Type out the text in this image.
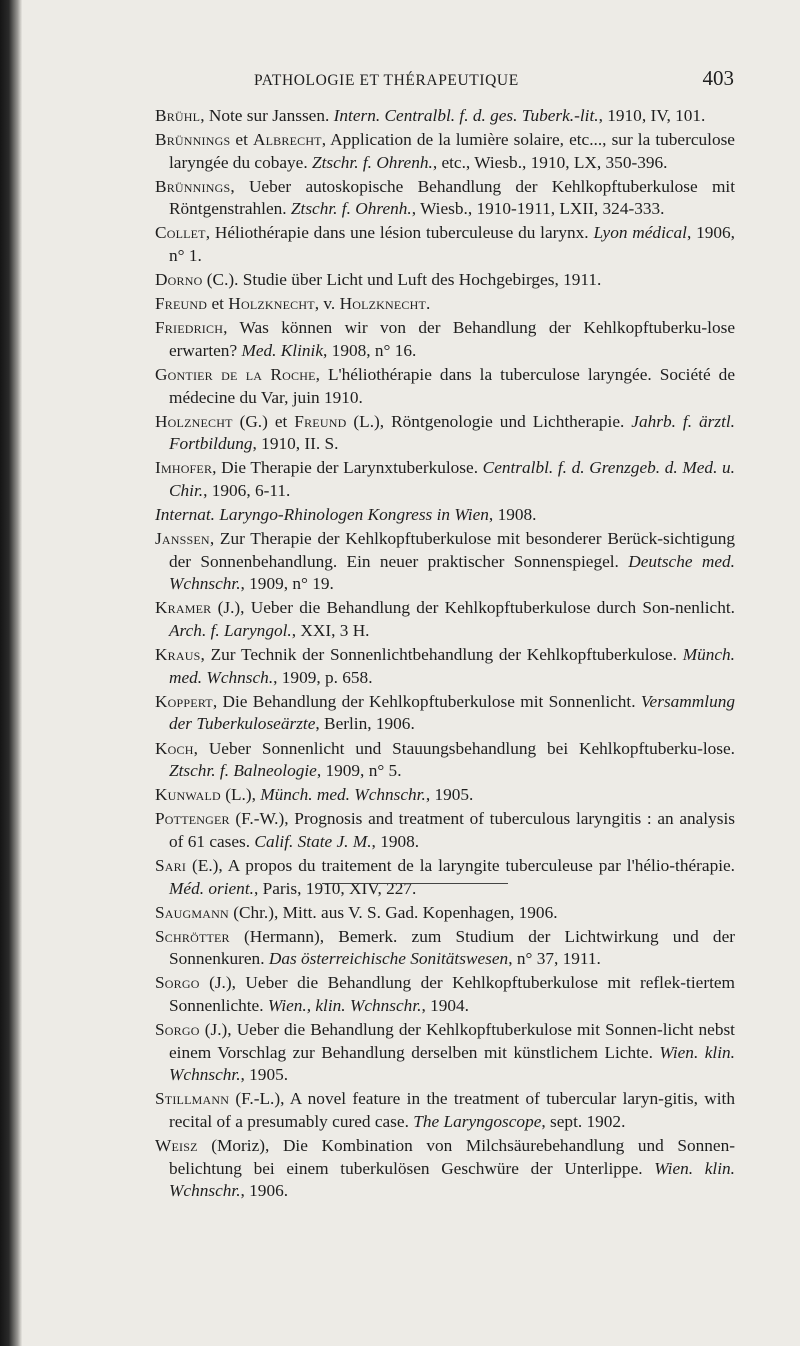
PATHOLOGIE ET THÉRAPEUTIQUE	403

Brühl, Note sur Janssen. Intern. Centralbl. f. d. ges. Tuberk.-lit., 1910, IV, 101.

Brünnings et Albrecht, Application de la lumière solaire, etc..., sur la tuberculose laryngée du cobaye. Ztschr. f. Ohrenh., etc., Wiesb., 1910, LX, 350-396.

Brünnings, Ueber autoskopische Behandlung der Kehlkopftuberkulose mit Röntgenstrahlen. Ztschr. f. Ohrenh., Wiesb., 1910-1911, LXII, 324-333.

Collet, Héliothérapie dans une lésion tuberculeuse du larynx. Lyon médical, 1906, n° 1.

Dorno (C.). Studie über Licht und Luft des Hochgebirges, 1911.

Freund et Holzknecht, v. Holzknecht.

Friedrich, Was können wir von der Behandlung der Kehlkopftuberku-lose erwarten? Med. Klinik, 1908, n° 16.

Gontier de la Roche, L'héliothérapie dans la tuberculose laryngée. Société de médecine du Var, juin 1910.

Holznecht (G.) et Freund (L.), Röntgenologie und Lichtherapie. Jahrb. f. ärztl. Fortbildung, 1910, II. S.

Imhofer, Die Therapie der Larynxtuberkulose. Centralbl. f. d. Grenzgeb. d. Med. u. Chir., 1906, 6-11.

Internat. Laryngo-Rhinologen Kongress in Wien, 1908.

Janssen, Zur Therapie der Kehlkopftuberkulose mit besonderer Berück-sichtigung der Sonnenbehandlung. Ein neuer praktischer Sonnenspiegel. Deutsche med. Wchnschr., 1909, n° 19.

Kramer (J.), Ueber die Behandlung der Kehlkopftuberkulose durch Son-nenlicht. Arch. f. Laryngol., XXI, 3 H.

Kraus, Zur Technik der Sonnenlichtbehandlung der Kehlkopftuberkulose. Münch. med. Wchnsch., 1909, p. 658.

Koppert, Die Behandlung der Kehlkopftuberkulose mit Sonnenlicht. Versammlung der Tuberkuloseärzte, Berlin, 1906.

Koch, Ueber Sonnenlicht und Stauungsbehandlung bei Kehlkopftuberku-lose. Ztschr. f. Balneologie, 1909, n° 5.

Kunwald (L.), Münch. med. Wchnschr., 1905.

Pottenger (F.-W.), Prognosis and treatment of tuberculous laryngitis : an analysis of 61 cases. Calif. State J. M., 1908.

Sari (E.), A propos du traitement de la laryngite tuberculeuse par l'hélio-thérapie. Méd. orient., Paris, 1910, XIV, 227.

Saugmann (Chr.), Mitt. aus V. S. Gad. Kopenhagen, 1906.

Schrötter (Hermann), Bemerk. zum Studium der Lichtwirkung und der Sonnenkuren. Das österreichische Sonitätswesen, n° 37, 1911.

Sorgo (J.), Ueber die Behandlung der Kehlkopftuberkulose mit reflek-tiertem Sonnenlichte. Wien., klin. Wchnschr., 1904.

Sorgo (J.), Ueber die Behandlung der Kehlkopftuberkulose mit Sonnen-licht nebst einem Vorschlag zur Behandlung derselben mit künstlichem Lichte. Wien. klin. Wchnschr., 1905.

Stillmann (F.-L.), A novel feature in the treatment of tubercular laryn-gitis, with recital of a presumably cured case. The Laryngoscope, sept. 1902.

Weisz (Moriz), Die Kombination von Milchsäurebehandlung und Sonnen-belichtung bei einem tuberkulösen Geschwüre der Unterlippe. Wien. klin. Wchnschr., 1906.
